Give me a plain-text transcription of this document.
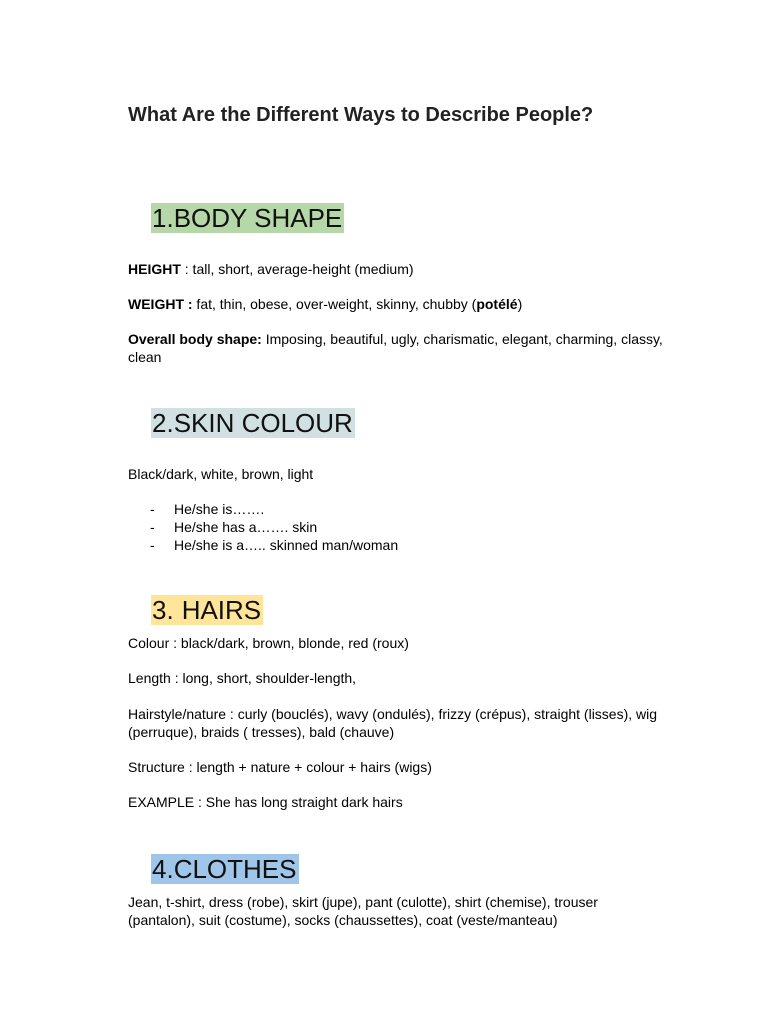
What Are the Different Ways to Describe People?
1.BODY SHAPE
HEIGHT : tall, short, average-height (medium)
WEIGHT : fat, thin, obese, over-weight, skinny, chubby (potélé)
Overall body shape: Imposing, beautiful, ugly, charismatic, elegant, charming, classy, clean
2.SKIN COLOUR
Black/dark, white, brown, light
- He/she is…….
- He/she has a……. skin
- He/she is a….. skinned man/woman
3. HAIRS
Colour : black/dark, brown, blonde, red (roux)
Length : long, short, shoulder-length,
Hairstyle/nature : curly (bouclés), wavy (ondulés), frizzy (crépus), straight (lisses), wig (perruque), braids ( tresses), bald (chauve)
Structure : length + nature + colour + hairs (wigs)
EXAMPLE : She has long straight dark hairs
4.CLOTHES
Jean, t-shirt, dress (robe), skirt (jupe), pant (culotte), shirt (chemise), trouser (pantalon), suit (costume), socks (chaussettes), coat (veste/manteau)
